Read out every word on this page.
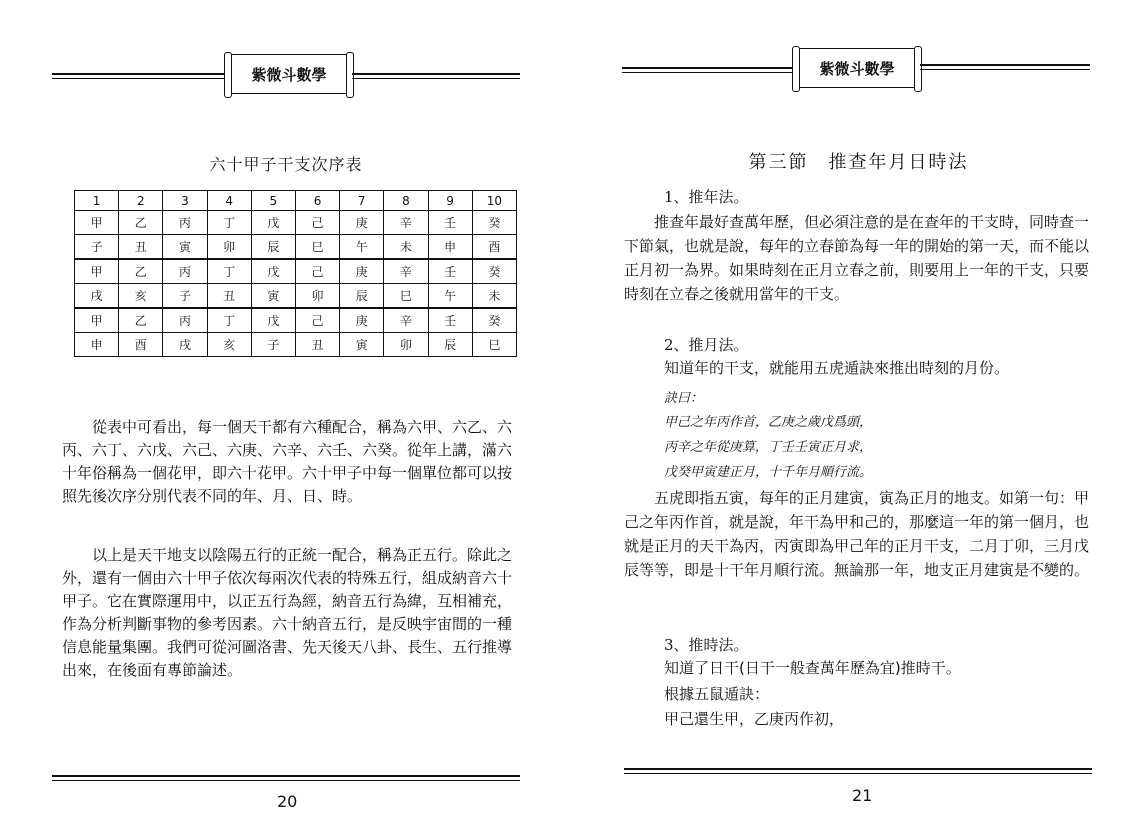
紫微斗數學
六十甲子干支次序表
1	2	3	4	5	6	7	8	9	10
甲	乙	丙	丁	戊	己	庚	辛	壬	癸
子	丑	寅	卯	辰	巳	午	未	申	酉
甲	乙	丙	丁	戊	己	庚	辛	壬	癸
戌	亥	子	丑	寅	卯	辰	巳	午	未
甲	乙	丙	丁	戊	己	庚	辛	壬	癸
申	酉	戌	亥	子	丑	寅	卯	辰	巳

從表中可看出，每一個天干都有六種配合，稱為六甲、六乙、六丙、六丁、六戊、六己、六庚、六辛、六壬、六癸。從年上講，滿六十年俗稱為一個花甲，即六十花甲。六十甲子中每一個單位都可以按照先後次序分別代表不同的年、月、日、時。

以上是天干地支以陰陽五行的正統一配合，稱為正五行。除此之外，還有一個由六十甲子依次每兩次代表的特殊五行，組成納音六十甲子。它在實際運用中，以正五行為經，納音五行為緯，互相補充，作為分析判斷事物的參考因素。六十納音五行，是反映宇宙間的一種信息能量集團。我們可從河圖洛書、先天後天八卦、長生、五行推導出來，在後面有專節論述。

20
紫微斗數學
第三節　推查年月日時法
1、推年法。

推查年最好查萬年歷，但必須注意的是在查年的干支時，同時查一下節氣，也就是說，每年的立春節為每一年的開始的第一天，而不能以正月初一為界。如果時刻在正月立春之前，則要用上一年的干支，只要時刻在立春之後就用當年的干支。

2、推月法。

知道年的干支，就能用五虎遁訣來推出時刻的月份。

訣曰：
甲己之年丙作首，乙庚之歲戊爲頭，
丙辛之年從庚算，丁壬壬寅正月求，
戊癸甲寅建正月，十千年月順行流。

五虎即指五寅，每年的正月建寅，寅為正月的地支。如第一句：甲己之年丙作首，就是說，年干為甲和己的，那麼這一年的第一個月，也就是正月的天干為丙，丙寅即為甲己年的正月干支，二月丁卯，三月戊辰等等，即是十干年月順行流。無論那一年，地支正月建寅是不變的。

3、推時法。

知道了日干(日干一般查萬年歷為宜)推時干。

根據五鼠遁訣：

甲己還生甲，乙庚丙作初，

21
